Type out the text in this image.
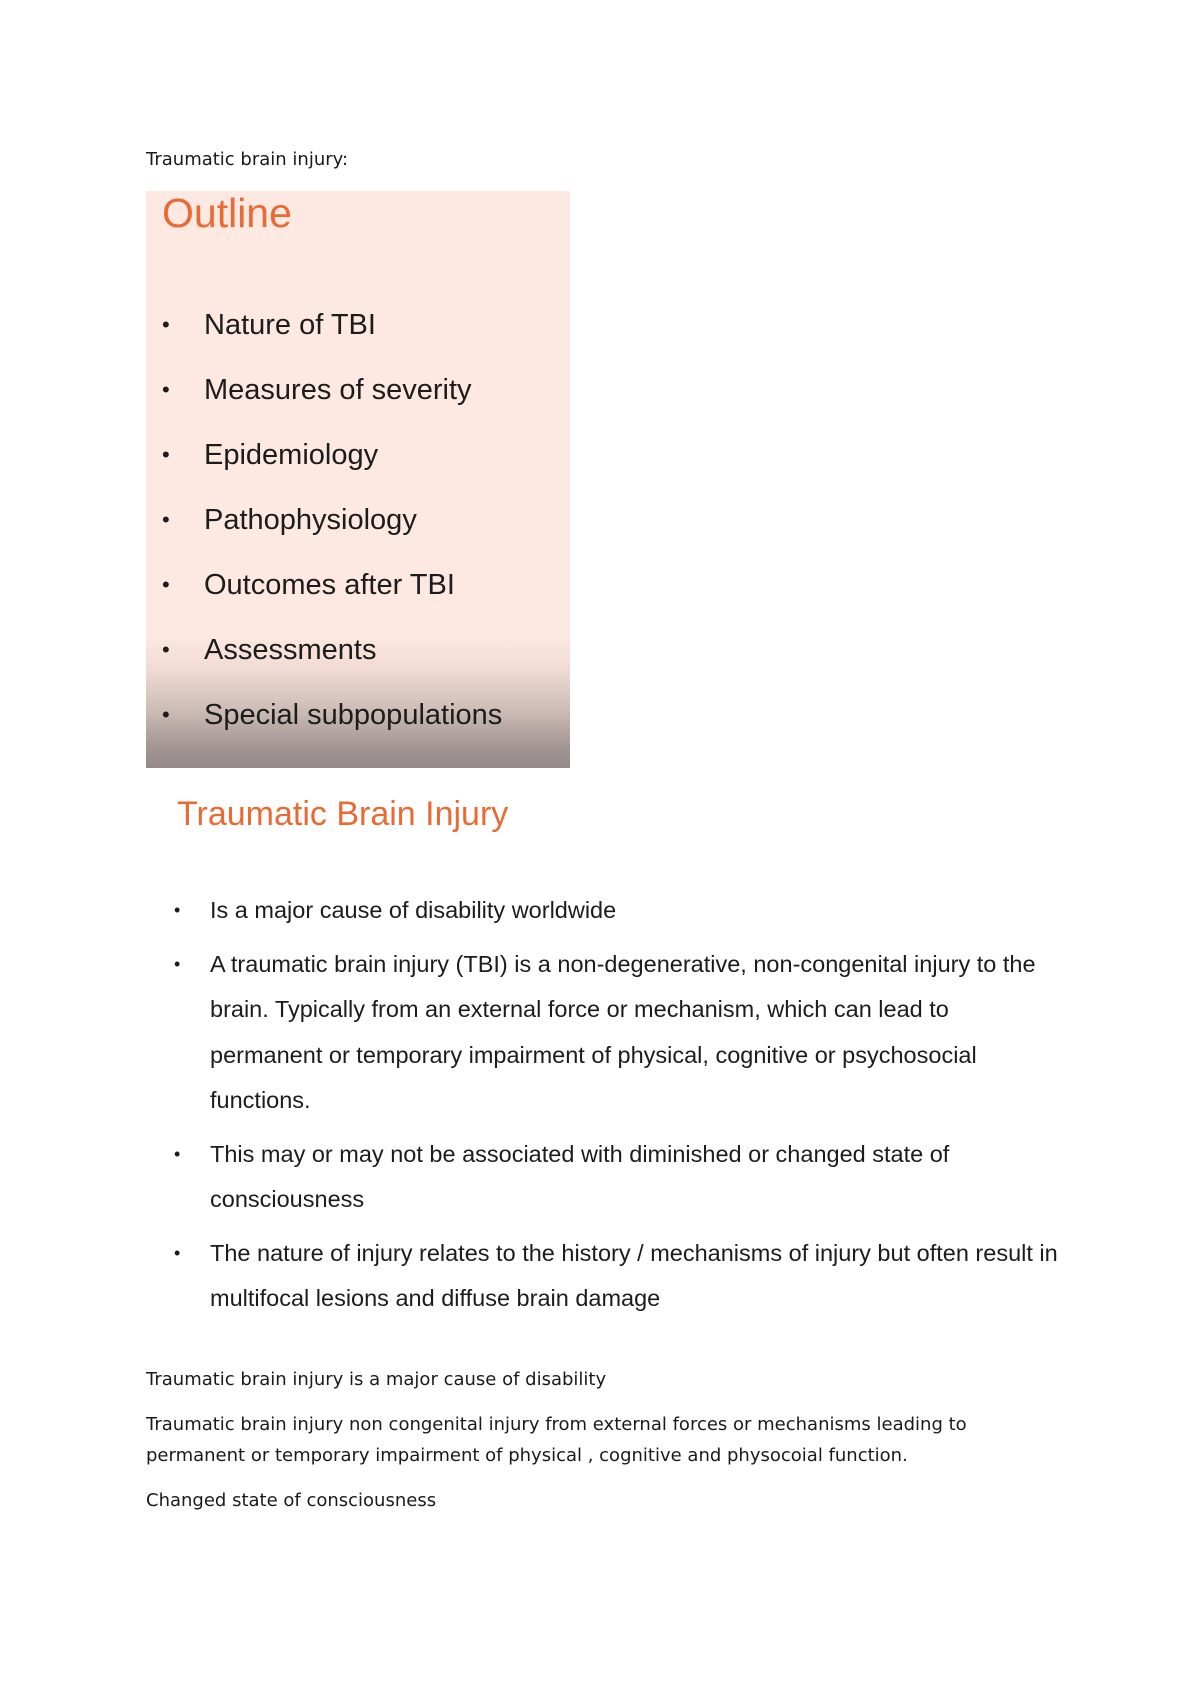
Traumatic brain injury:

Outline
• Nature of TBI
• Measures of severity
• Epidemiology
• Pathophysiology
• Outcomes after TBI
• Assessments
• Special subpopulations
Traumatic Brain Injury
• Is a major cause of disability worldwide
• A traumatic brain injury (TBI) is a non-degenerative, non-congenital injury to the brain. Typically from an external force or mechanism, which can lead to permanent or temporary impairment of physical, cognitive or psychosocial functions.
• This may or may not be associated with diminished or changed state of consciousness
• The nature of injury relates to the history / mechanisms of injury but often result in multifocal lesions and diffuse brain damage

Traumatic brain injury is a major cause of disability

Traumatic brain injury non congenital injury from external forces or mechanisms leading to permanent or temporary impairment of physical , cognitive and physocoial function.

Changed state of consciousness
